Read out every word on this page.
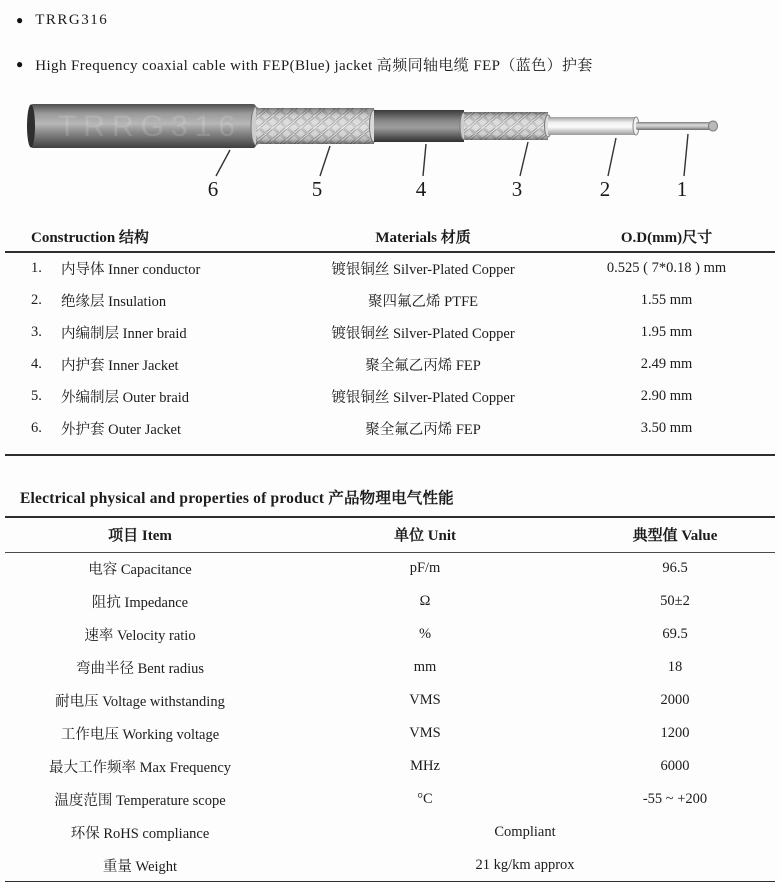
● TRRG316
● High Frequency coaxial cable with FEP(Blue) jacket 高频同轴电缆 FEP（蓝色）护套
TRRG316
6	5	4	3	2	1
Construction 结构		Materials 材质	O.D(mm)尺寸
1.	内导体 Inner conductor	镀银铜丝 Silver-Plated Copper	0.525 ( 7*0.18 ) mm
2.	绝缘层 Insulation	聚四氟乙烯 PTFE	1.55 mm
3.	内编制层 Inner braid	镀银铜丝 Silver-Plated Copper	1.95 mm
4.	内护套 Inner Jacket	聚全氟乙丙烯 FEP	2.49 mm
5.	外编制层 Outer braid	镀银铜丝 Silver-Plated Copper	2.90 mm
6.	外护套 Outer Jacket	聚全氟乙丙烯 FEP	3.50 mm
Electrical physical and properties of product 产品物理电气性能
项目 Item	单位 Unit	典型值 Value
电容 Capacitance	pF/m	96.5
阻抗 Impedance	Ω	50±2
速率 Velocity ratio	%	69.5
弯曲半径 Bent radius	mm	18
耐电压 Voltage withstanding	VMS	2000
工作电压 Working voltage	VMS	1200
最大工作频率 Max Frequency	MHz	6000
温度范围 Temperature scope	°C	-55 ~ +200
环保 RoHS compliance	Compliant	
重量 Weight	21 kg/km approx	
